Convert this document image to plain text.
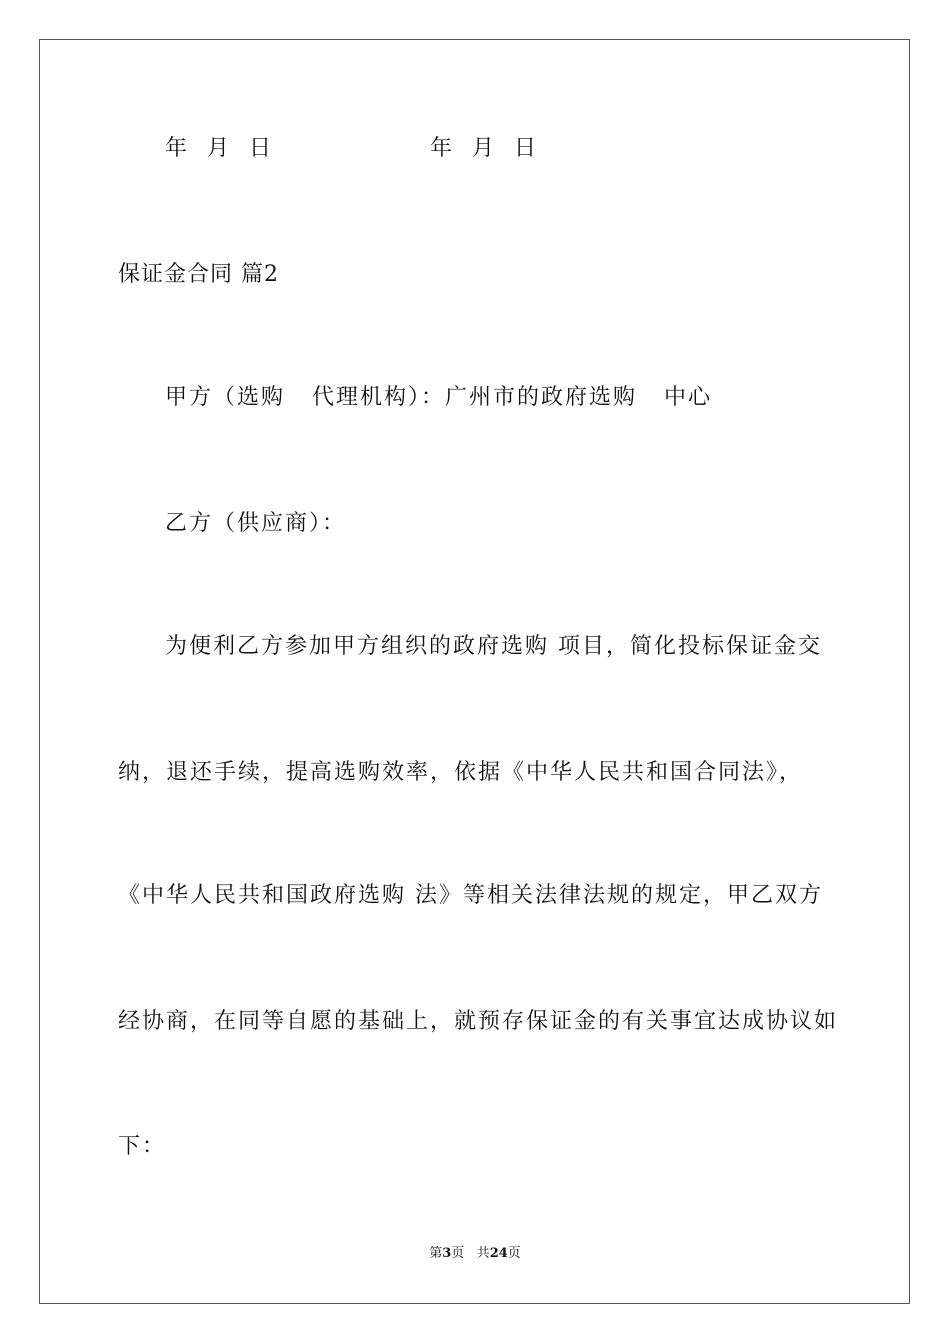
年  月  日	年  月  日
保证金合同 篇2
甲方（选购   代理机构）：广州市的政府选购   中心
乙方（供应商）：
为便利乙方参加甲方组织的政府选购 项目，简化投标保证金交
纳，退还手续，提高选购效率，依据《中华人民共和国合同法》，
《中华人民共和国政府选购 法》等相关法律法规的规定，甲乙双方
经协商，在同等自愿的基础上，就预存保证金的有关事宜达成协议如
下：
第3页 共24页
